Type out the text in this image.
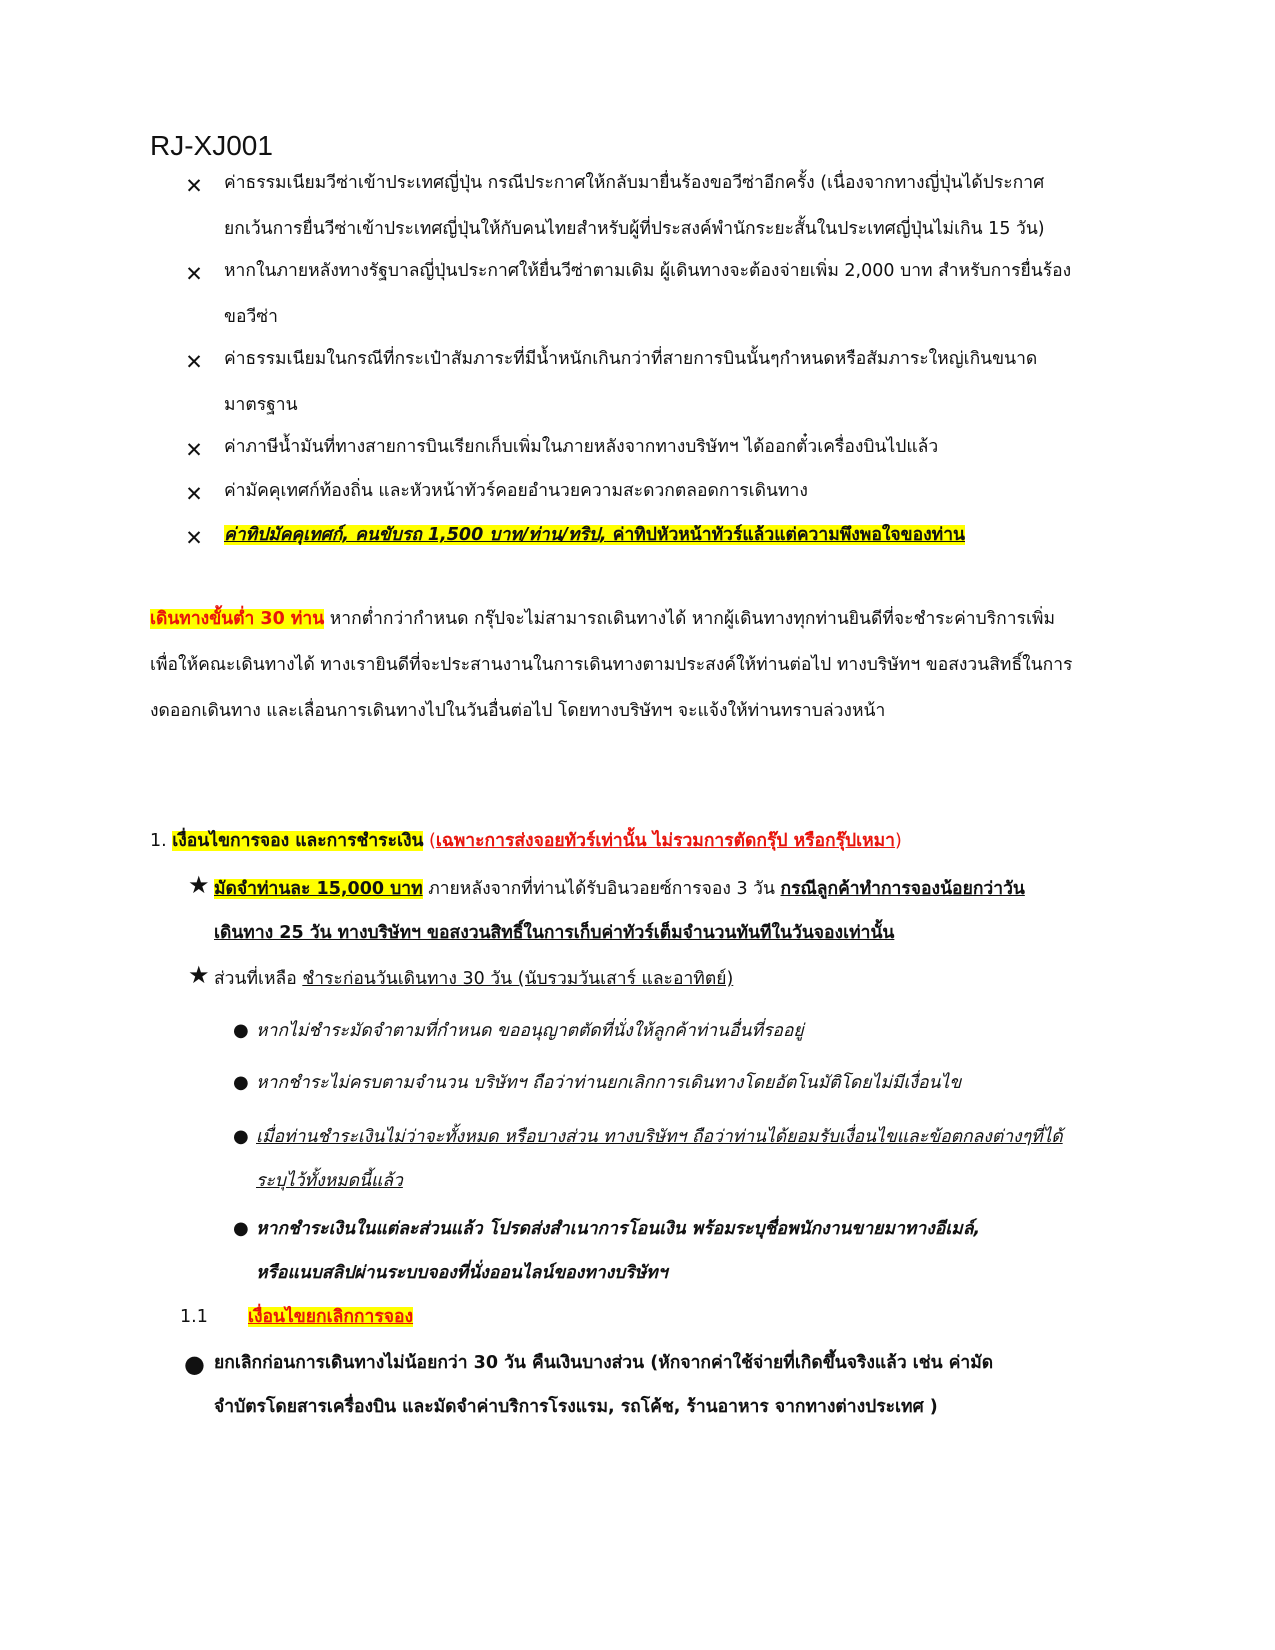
RJ-XJ001
✕ ค่าธรรมเนียมวีซ่าเข้าประเทศญี่ปุ่น กรณีประกาศให้กลับมายื่นร้องขอวีซ่าอีกครั้ง (เนื่องจากทางญี่ปุ่นได้ประกาศ
ยกเว้นการยื่นวีซ่าเข้าประเทศญี่ปุ่นให้กับคนไทยสำหรับผู้ที่ประสงค์พำนักระยะสั้นในประเทศญี่ปุ่นไม่เกิน 15 วัน)
✕ หากในภายหลังทางรัฐบาลญี่ปุ่นประกาศให้ยื่นวีซ่าตามเดิม ผู้เดินทางจะต้องจ่ายเพิ่ม 2,000 บาท สำหรับการยื่นร้อง
ขอวีซ่า
✕ ค่าธรรมเนียมในกรณีที่กระเป๋าสัมภาระที่มีน้ำหนักเกินกว่าที่สายการบินนั้นๆกำหนดหรือสัมภาระใหญ่เกินขนาด
มาตรฐาน
✕ ค่าภาษีน้ำมันที่ทางสายการบินเรียกเก็บเพิ่มในภายหลังจากทางบริษัทฯ ได้ออกตั๋วเครื่องบินไปแล้ว
✕ ค่ามัคคุเทศก์ท้องถิ่น และหัวหน้าทัวร์คอยอำนวยความสะดวกตลอดการเดินทาง
✕ ค่าทิปมัคคุเทศก์, คนขับรถ 1,500 บาท/ท่าน/ทริป, ค่าทิปหัวหน้าทัวร์แล้วแต่ความพึงพอใจของท่าน
เดินทางขั้นต่ำ 30 ท่าน หากต่ำกว่ากำหนด กรุ๊ปจะไม่สามารถเดินทางได้ หากผู้เดินทางทุกท่านยินดีที่จะชำระค่าบริการเพิ่ม
เพื่อให้คณะเดินทางได้ ทางเรายินดีที่จะประสานงานในการเดินทางตามประสงค์ให้ท่านต่อไป ทางบริษัทฯ ขอสงวนสิทธิ์ในการ
งดออกเดินทาง และเลื่อนการเดินทางไปในวันอื่นต่อไป โดยทางบริษัทฯ จะแจ้งให้ท่านทราบล่วงหน้า
1. เงื่อนไขการจอง และการชำระเงิน (เฉพาะการส่งจอยทัวร์เท่านั้น ไม่รวมการตัดกรุ๊ป หรือกรุ๊ปเหมา)
★ มัดจำท่านละ 15,000 บาท ภายหลังจากที่ท่านได้รับอินวอยซ์การจอง 3 วัน กรณีลูกค้าทำการจองน้อยกว่าวัน
เดินทาง 25 วัน ทางบริษัทฯ ขอสงวนสิทธิ์ในการเก็บค่าทัวร์เต็มจำนวนทันทีในวันจองเท่านั้น
★ ส่วนที่เหลือ ชำระก่อนวันเดินทาง 30 วัน (นับรวมวันเสาร์ และอาทิตย์)
● หากไม่ชำระมัดจำตามที่กำหนด ขออนุญาตตัดที่นั่งให้ลูกค้าท่านอื่นที่รออยู่
● หากชำระไม่ครบตามจำนวน บริษัทฯ ถือว่าท่านยกเลิกการเดินทางโดยอัตโนมัติโดยไม่มีเงื่อนไข
● เมื่อท่านชำระเงินไม่ว่าจะทั้งหมด หรือบางส่วน ทางบริษัทฯ ถือว่าท่านได้ยอมรับเงื่อนไขและข้อตกลงต่างๆที่ได้
ระบุไว้ทั้งหมดนี้แล้ว
● หากชำระเงินในแต่ละส่วนแล้ว โปรดส่งสำเนาการโอนเงิน พร้อมระบุชื่อพนักงานขายมาทางอีเมล์,
หรือแนบสลิปผ่านระบบจองที่นั่งออนไลน์ของทางบริษัทฯ
1.1 เงื่อนไขยกเลิกการจอง
● ยกเลิกก่อนการเดินทางไม่น้อยกว่า 30 วัน คืนเงินบางส่วน (หักจากค่าใช้จ่ายที่เกิดขึ้นจริงแล้ว เช่น ค่ามัด
จำบัตรโดยสารเครื่องบิน และมัดจำค่าบริการโรงแรม, รถโค้ช, ร้านอาหาร จากทางต่างประเทศ )
